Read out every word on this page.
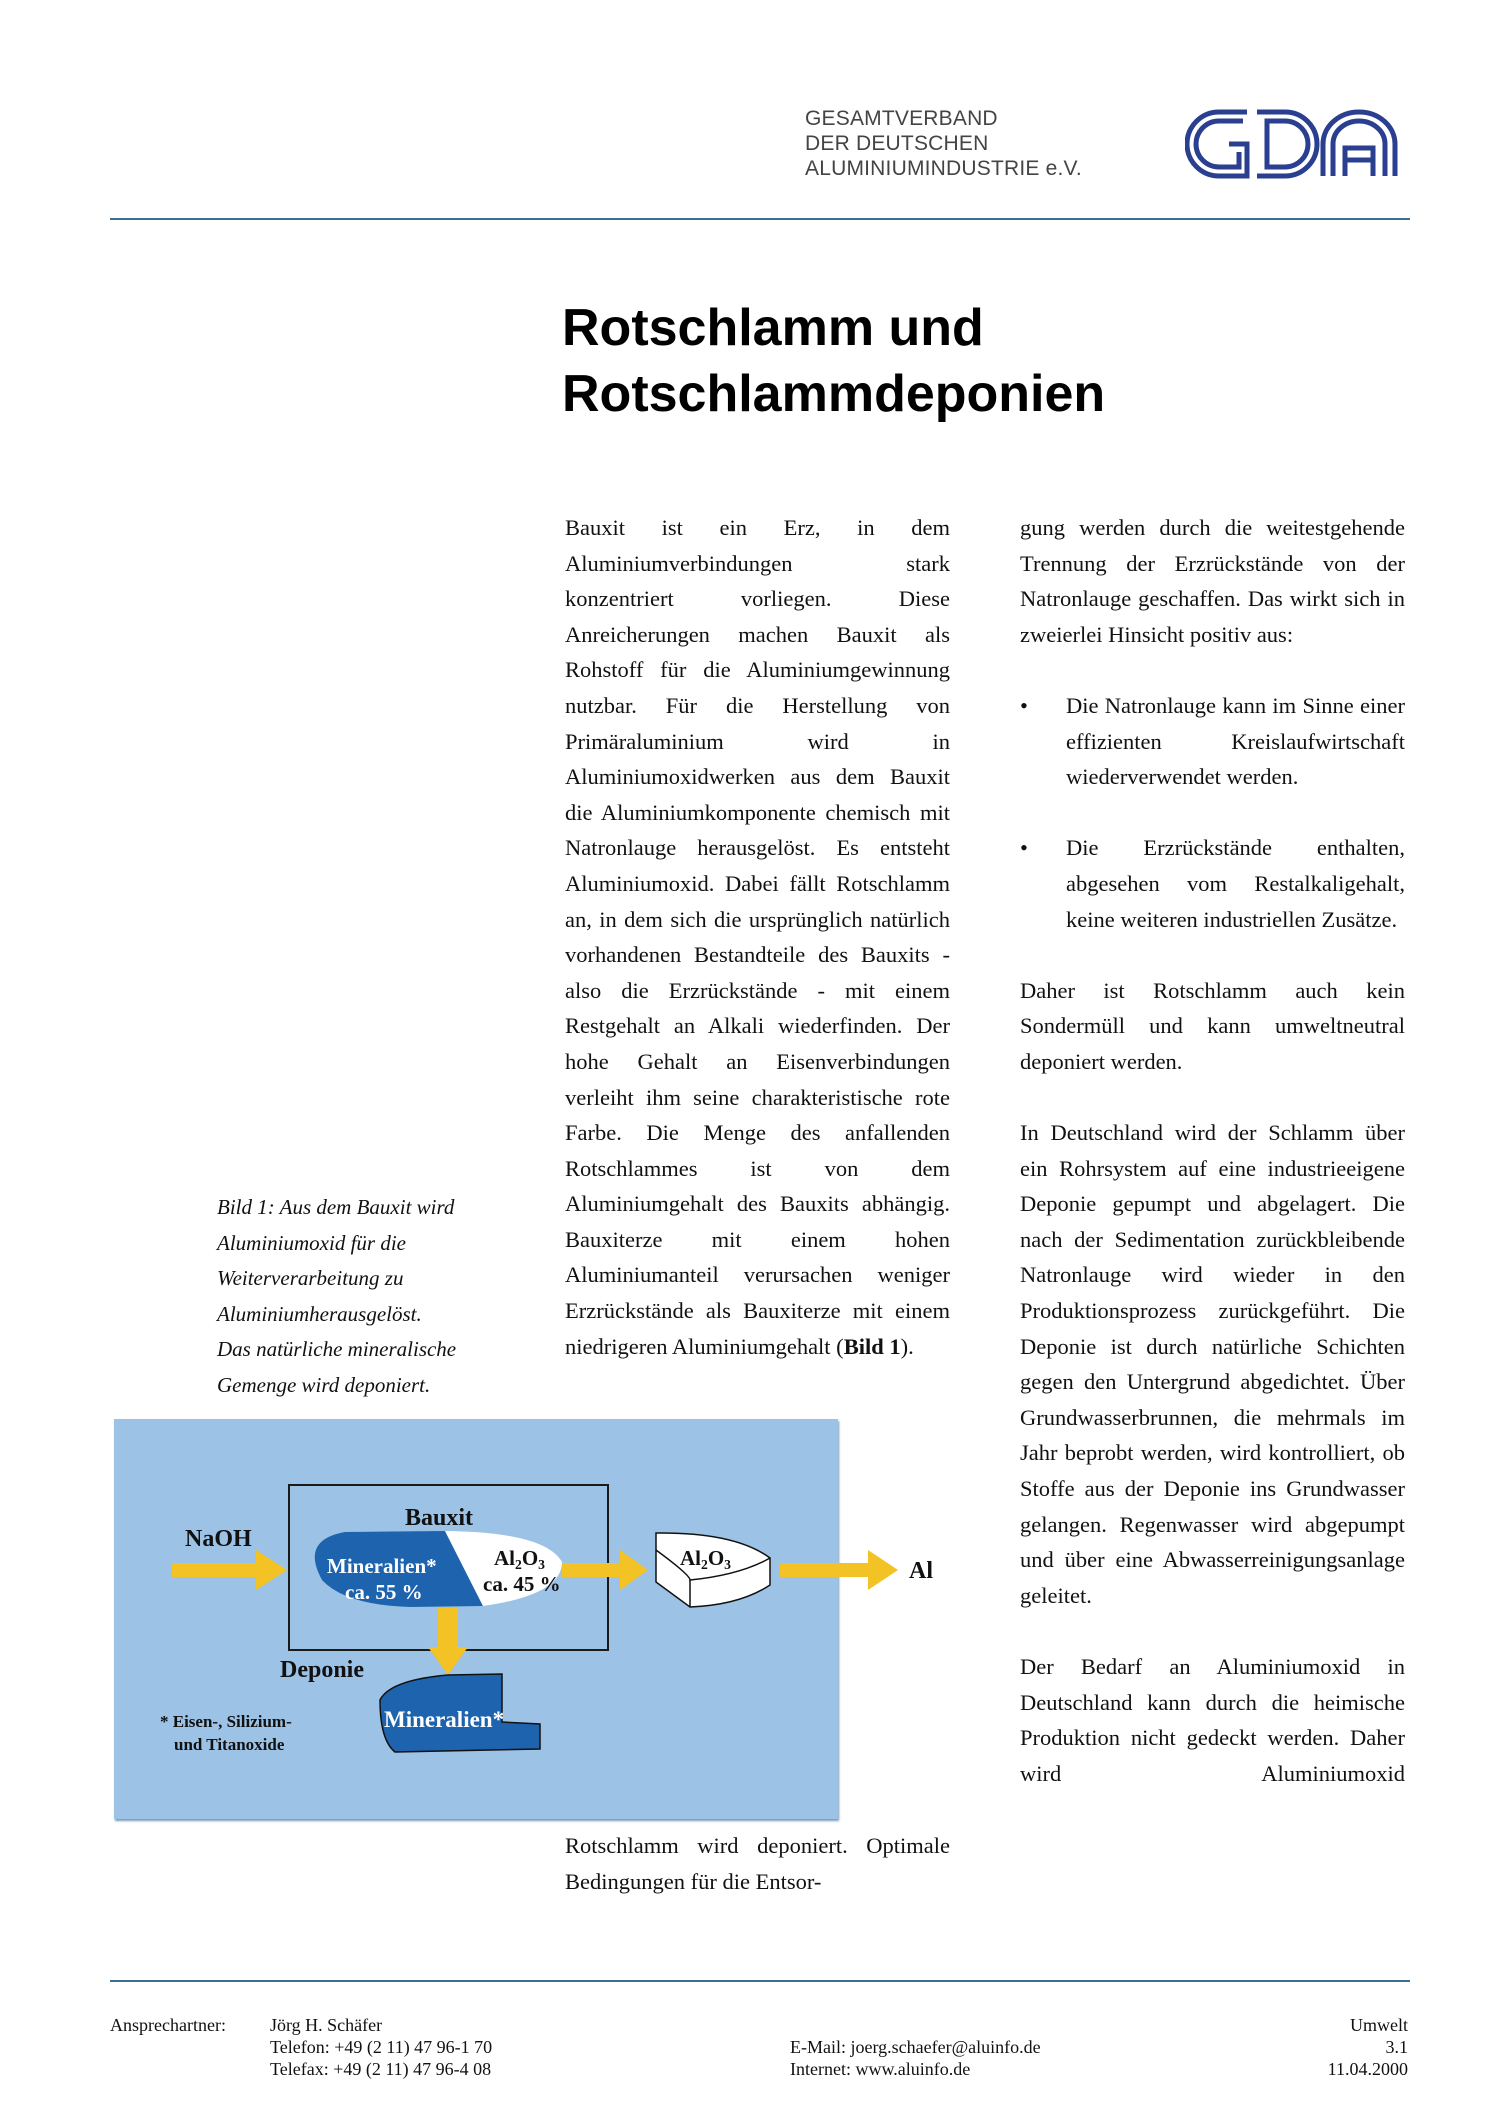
GESAMTVERBAND
DER DEUTSCHEN
ALUMINIUMINDUSTRIE e.V.
Rotschlamm und
Rotschlammdeponien

Bauxit ist ein Erz, in dem Aluminiumverbindungen stark konzentriert vorliegen. Diese Anreicherungen machen Bauxit als Rohstoff für die Aluminiumgewinnung nutzbar. Für die Herstellung von Primäraluminium wird in Aluminiumoxidwerken aus dem Bauxit die Aluminiumkomponente chemisch mit Natronlauge herausgelöst. Es entsteht Aluminiumoxid. Dabei fällt Rotschlamm an, in dem sich die ursprünglich natürlich vorhandenen Bestandteile des Bauxits - also die Erzrückstände - mit einem Restgehalt an Alkali wiederfinden. Der hohe Gehalt an Eisenverbindungen verleiht ihm seine charakteristische rote Farbe. Die Menge des anfallenden Rotschlammes ist von dem Aluminiumgehalt des Bauxits abhängig. Bauxiterze mit einem hohen Aluminiumanteil verursachen weniger Erzrückstände als Bauxiterze mit einem niedrigeren Aluminiumgehalt (Bild 1).

Bild 1: Aus dem Bauxit wird
Aluminiumoxid für die
Weiterverarbeitung zu
Aluminiumherausgelöst.
Das natürliche mineralische
Gemenge wird deponiert.
NaOH
Bauxit
Mineralien*
ca. 55 %
$Al_2O_3$
ca. 45 %
$Al_2O_3$	Al
Deponie
Mineralien*
* Eisen-, Silizium-
und Titanoxide

Rotschlamm wird deponiert. Optimale Bedingungen für die Entsor-

gung werden durch die weitestgehende Trennung der Erzrückstände von der Natronlauge geschaffen. Das wirkt sich in zweierlei Hinsicht positiv aus:

•	Die Natronlauge kann im Sinne einer effizienten Kreislaufwirtschaft wiederverwendet werden.
•	Die Erzrückstände enthalten, abgesehen vom Restalkaligehalt, keine weiteren industriellen Zusätze.

Daher ist Rotschlamm auch kein Sondermüll und kann umweltneutral deponiert werden.

In Deutschland wird der Schlamm über ein Rohrsystem auf eine industrieeigene Deponie gepumpt und abgelagert. Die nach der Sedimentation zurückbleibende Natronlauge wird wieder in den Produktionsprozess zurückgeführt. Die Deponie ist durch natürliche Schichten gegen den Untergrund abgedichtet. Über Grundwasserbrunnen, die mehrmals im Jahr beprobt werden, wird kontrolliert, ob Stoffe aus der Deponie ins Grundwasser gelangen. Regenwasser wird abgepumpt und über eine Abwasserreinigungsanlage geleitet.

Der Bedarf an Aluminiumoxid in Deutschland kann durch die heimische Produktion nicht gedeckt werden. Daher wird Aluminiumoxid

Ansprechartner: Jörg H. Schäfer
Telefon: +49 (2 11) 47 96-1 70
Telefax: +49 (2 11) 47 96-4 08
E-Mail: joerg.schaefer@aluinfo.de
Internet: www.aluinfo.de
Umwelt
3.1
11.04.2000
